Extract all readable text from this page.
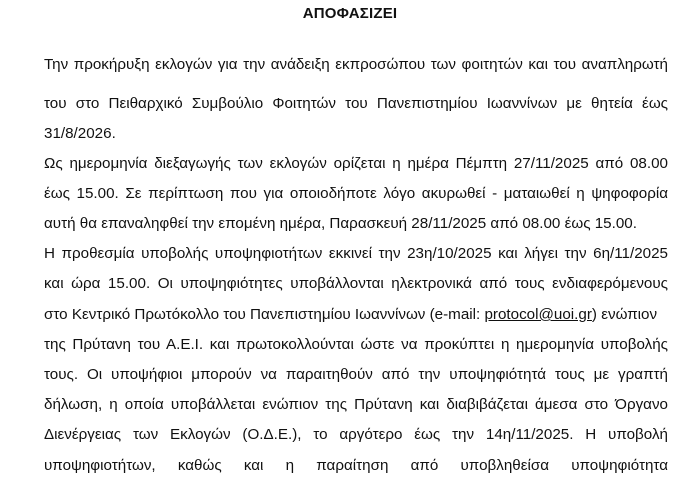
ΑΠΟΦΑΣΙΖΕΙ
Την προκήρυξη εκλογών για την ανάδειξη εκπροσώπου των φοιτητών και του αναπληρωτή
του στο Πειθαρχικό Συμβούλιο Φοιτητών του Πανεπιστημίου Ιωαννίνων με θητεία έως
31/8/2026.
Ως ημερομηνία διεξαγωγής των εκλογών ορίζεται η ημέρα Πέμπτη 27/11/2025 από 08.00
έως 15.00. Σε περίπτωση που για οποιοδήποτε λόγο ακυρωθεί - ματαιωθεί η ψηφοφορία
αυτή θα επαναληφθεί την επομένη ημέρα, Παρασκευή 28/11/2025 από 08.00 έως 15.00.
Η προθεσμία υποβολής υποψηφιοτήτων εκκινεί την 23η/10/2025 και λήγει την 6η/11/2025
και ώρα 15.00. Οι υποψηφιότητες υποβάλλονται ηλεκτρονικά από τους ενδιαφερόμενους
στο Κεντρικό Πρωτόκολλο του Πανεπιστημίου Ιωαννίνων (e-mail: protocol@uoi.gr) ενώπιον
της Πρύτανη του Α.Ε.Ι. και πρωτοκολλούνται ώστε να προκύπτει η ημερομηνία υποβολής
τους. Οι υποψήφιοι μπορούν να παραιτηθούν από την υποψηφιότητά τους με γραπτή
δήλωση, η οποία υποβάλλεται ενώπιον της Πρύτανη και διαβιβάζεται άμεσα στο Όργανο
Διενέργειας των Εκλογών (Ο.Δ.Ε.), το αργότερο έως την 14η/11/2025. Η υποβολή
υποψηφιοτήτων, καθώς και η παραίτηση από υποβληθείσα υποψηφιότητα
